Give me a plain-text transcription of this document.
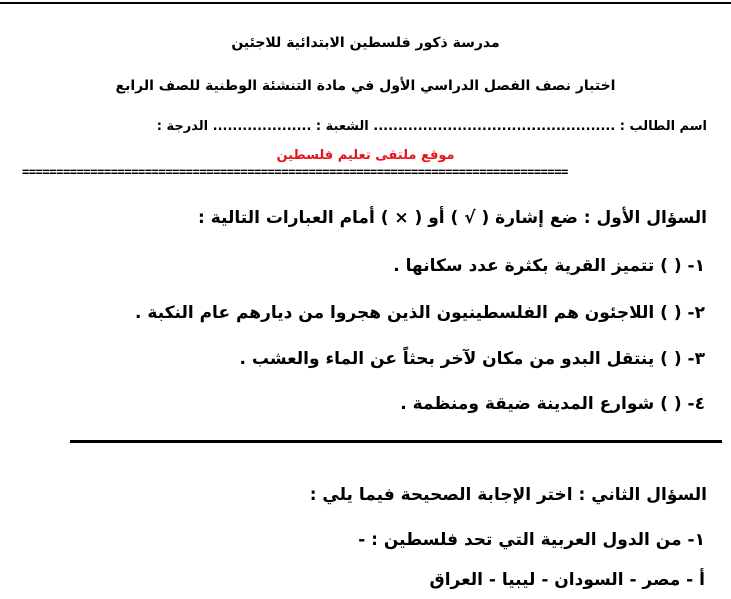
مدرسة ذكور فلسطين الابتدائية للاجئين
اختبار نصف الفصل الدراسي الأول في مادة التنشئة الوطنية للصف الرابع
اسم الطالب : ................................................. الشعبة : .................... الدرجة :
موقع ملتقى تعليم فلسطين
================================================================================
السؤال الأول : ضع إشارة ( √ ) أو ( × ) أمام العبارات التالية :
١- ( ) تتميز القرية بكثرة عدد سكانها .
٢- ( ) اللاجئون هم الفلسطينيون الذين هجروا من ديارهم عام النكبة .
٣- ( ) ينتقل البدو من مكان لآخر بحثاً عن الماء والعشب .
٤- ( ) شوارع المدينة ضيقة ومنظمة .
السؤال الثاني : اختر الإجابة الصحيحة فيما يلي :
١- من الدول العربية التي تحد فلسطين : -
أ - مصر - السودان - ليبيا - العراق
